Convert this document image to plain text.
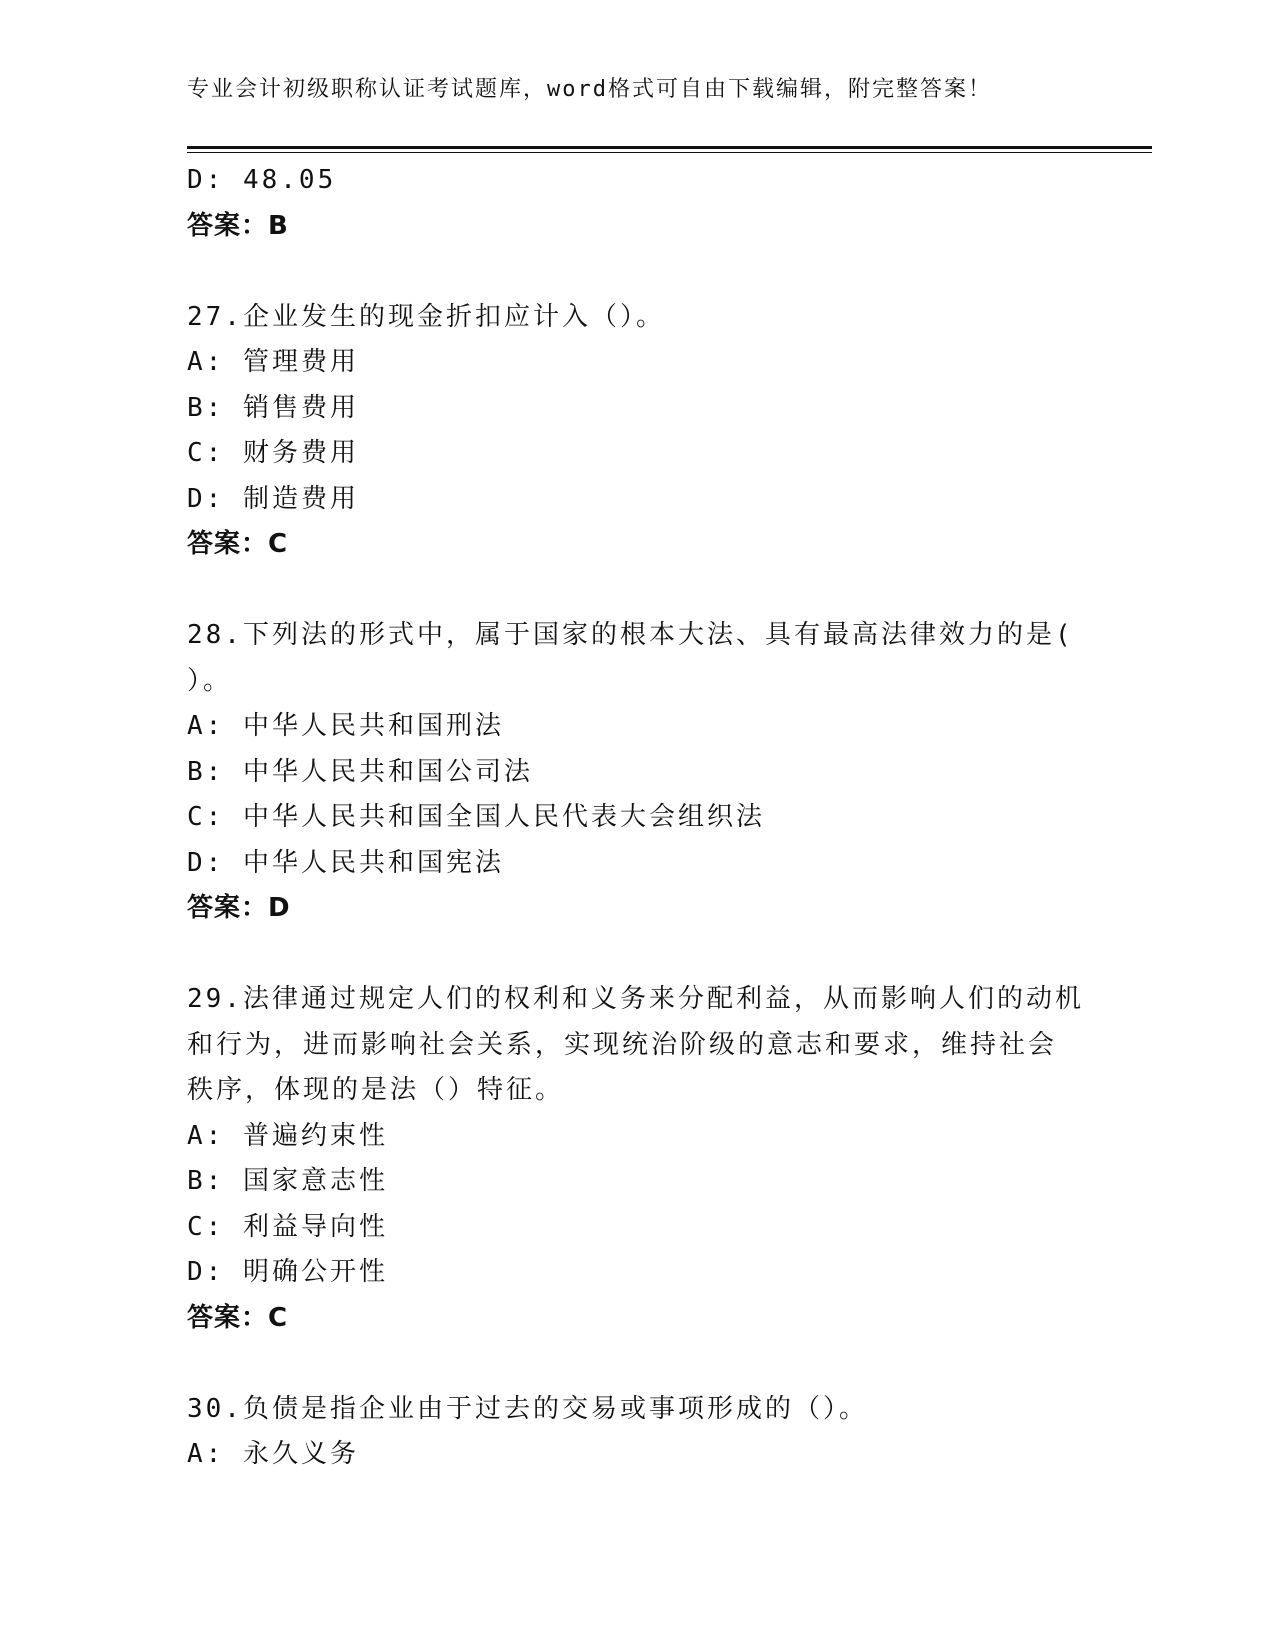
专业会计初级职称认证考试题库，word格式可自由下载编辑，附完整答案！
D: 48.05
答案：B
27.企业发生的现金折扣应计入（）。
A: 管理费用
B: 销售费用
C: 财务费用
D: 制造费用
答案：C
28.下列法的形式中，属于国家的根本大法、具有最高法律效力的是(
）。
A: 中华人民共和国刑法
B: 中华人民共和国公司法
C: 中华人民共和国全国人民代表大会组织法
D: 中华人民共和国宪法
答案：D
29.法律通过规定人们的权利和义务来分配利益，从而影响人们的动机
和行为，进而影响社会关系，实现统治阶级的意志和要求，维持社会
秩序，体现的是法（）特征。
A: 普遍约束性
B: 国家意志性
C: 利益导向性
D: 明确公开性
答案：C
30.负债是指企业由于过去的交易或事项形成的（）。
A: 永久义务
